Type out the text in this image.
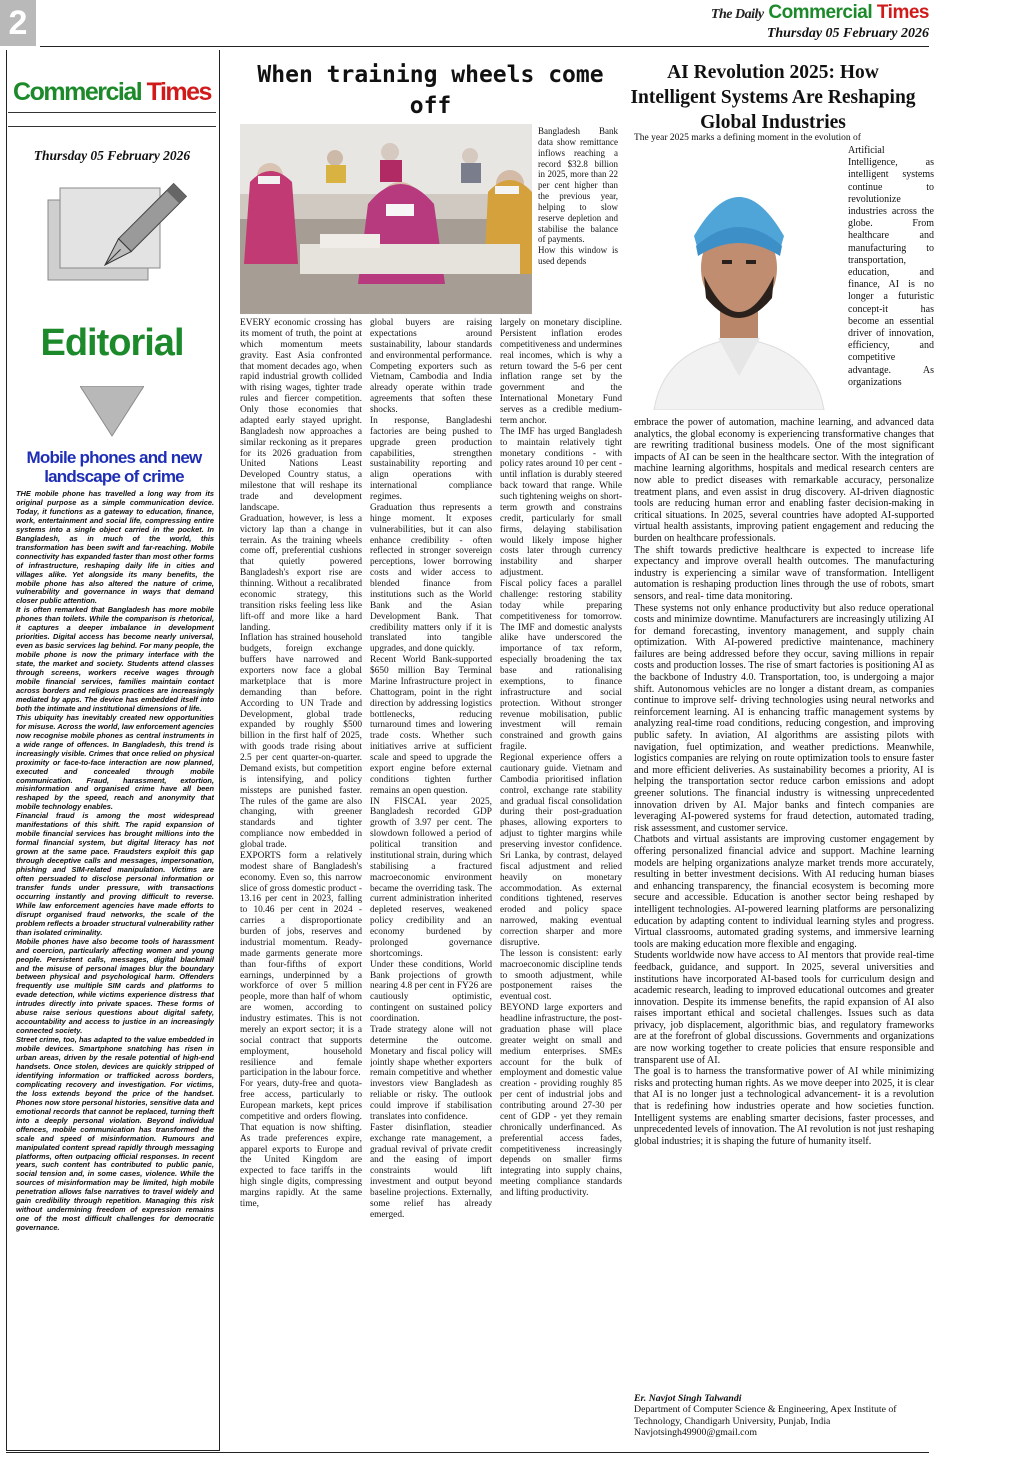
2	The Daily Commercial Times
Thursday 05 February 2026
Commercial Times
Thursday 05 February 2026
Editorial
Mobile phones and new landscape of crime

THE mobile phone has travelled a long way from its original purpose as a simple communication device. Today, it functions as a gateway to education, finance, work, entertainment and social life, compressing entire systems into a single object carried in the pocket. In Bangladesh, as in much of the world, this transformation has been swift and far-reaching. Mobile connectivity has expanded faster than most other forms of infrastructure, reshaping daily life in cities and villages alike. Yet alongside its many benefits, the mobile phone has also altered the nature of crime, vulnerability and governance in ways that demand closer public attention.

It is often remarked that Bangladesh has more mobile phones than toilets. While the comparison is rhetorical, it captures a deeper imbalance in development priorities. Digital access has become nearly universal, even as basic services lag behind. For many people, the mobile phone is now the primary interface with the state, the market and society. Students attend classes through screens, workers receive wages through mobile financial services, families maintain contact across borders and religious practices are increasingly mediated by apps. The device has embedded itself into both the intimate and institutional dimensions of life.

This ubiquity has inevitably created new opportunities for misuse. Across the world, law enforcement agencies now recognise mobile phones as central instruments in a wide range of offences. In Bangladesh, this trend is increasingly visible. Crimes that once relied on physical proximity or face-to-face interaction are now planned, executed and concealed through mobile communication. Fraud, harassment, extortion, misinformation and organised crime have all been reshaped by the speed, reach and anonymity that mobile technology enables.

Financial fraud is among the most widespread manifestations of this shift. The rapid expansion of mobile financial services has brought millions into the formal financial system, but digital literacy has not grown at the same pace. Fraudsters exploit this gap through deceptive calls and messages, impersonation, phishing and SIM-related manipulation. Victims are often persuaded to disclose personal information or transfer funds under pressure, with transactions occurring instantly and proving difficult to reverse. While law enforcement agencies have made efforts to disrupt organised fraud networks, the scale of the problem reflects a broader structural vulnerability rather than isolated criminality.

Mobile phones have also become tools of harassment and coercion, particularly affecting women and young people. Persistent calls, messages, digital blackmail and the misuse of personal images blur the boundary between physical and psychological harm. Offenders frequently use multiple SIM cards and platforms to evade detection, while victims experience distress that intrudes directly into private spaces. These forms of abuse raise serious questions about digital safety, accountability and access to justice in an increasingly connected society.

Street crime, too, has adapted to the value embedded in mobile devices. Smartphone snatching has risen in urban areas, driven by the resale potential of high-end handsets. Once stolen, devices are quickly stripped of identifying information or trafficked across borders, complicating recovery and investigation. For victims, the loss extends beyond the price of the handset. Phones now store personal histories, sensitive data and emotional records that cannot be replaced, turning theft into a deeply personal violation. Beyond individual offences, mobile communication has transformed the scale and speed of misinformation. Rumours and manipulated content spread rapidly through messaging platforms, often outpacing official responses. In recent years, such content has contributed to public panic, social tension and, in some cases, violence. While the sources of misinformation may be limited, high mobile penetration allows false narratives to travel widely and gain credibility through repetition. Managing this risk without undermining freedom of expression remains one of the most difficult challenges for democratic governance.

When training wheels come off

Bangladesh Bank data show remittance inflows reaching a record $32.8 billion in 2025, more than 22 per cent higher than the previous year, helping to slow reserve depletion and stabilise the balance of payments.

How this window is used depends

EVERY economic crossing has its moment of truth, the point at which momentum meets gravity. East Asia confronted that moment decades ago, when rapid industrial growth collided with rising wages, tighter trade rules and fiercer competition. Only those economies that adapted early stayed upright. Bangladesh now approaches a similar reckoning as it prepares for its 2026 graduation from United Nations Least Developed Country status, a milestone that will reshape its trade and development landscape.

Graduation, however, is less a victory lap than a change in terrain. As the training wheels come off, preferential cushions that quietly powered Bangladesh's export rise are thinning. Without a recalibrated economic strategy, this transition risks feeling less like lift-off and more like a hard landing.

Inflation has strained household budgets, foreign exchange buffers have narrowed and exporters now face a global marketplace that is more demanding than before. According to UN Trade and Development, global trade expanded by roughly $500 billion in the first half of 2025, with goods trade rising about 2.5 per cent quarter-on-quarter. Demand exists, but competition is intensifying, and policy missteps are punished faster. The rules of the game are also changing, with greener standards and tighter compliance now embedded in global trade.

EXPORTS form a relatively modest share of Bangladesh's economy. Even so, this narrow slice of gross domestic product - 13.16 per cent in 2023, falling to 10.46 per cent in 2024 - carries a disproportionate burden of jobs, reserves and industrial momentum. Ready-made garments generate more than four-fifths of export earnings, underpinned by a workforce of over 5 million people, more than half of whom are women, according to industry estimates. This is not merely an export sector; it is a social contract that supports employment, household resilience and female participation in the labour force.

For years, duty-free and quota-free access, particularly to European markets, kept prices competitive and orders flowing. That equation is now shifting. As trade preferences expire, apparel exports to Europe and the United Kingdom are expected to face tariffs in the high single digits, compressing margins rapidly. At the same time,

global buyers are raising expectations around sustainability, labour standards and environmental performance. Competing exporters such as Vietnam, Cambodia and India already operate within trade agreements that soften these shocks.

In response, Bangladeshi factories are being pushed to upgrade green production capabilities, strengthen sustainability reporting and align operations with international compliance regimes.

Graduation thus represents a hinge moment. It exposes vulnerabilities, but it can also enhance credibility - often reflected in stronger sovereign perceptions, lower borrowing costs and wider access to blended finance from institutions such as the World Bank and the Asian Development Bank. That credibility matters only if it is translated into tangible upgrades, and done quickly.

Recent World Bank-supported $650 million Bay Terminal Marine Infrastructure project in Chattogram, point in the right direction by addressing logistics bottlenecks, reducing turnaround times and lowering trade costs. Whether such initiatives arrive at sufficient scale and speed to upgrade the export engine before external conditions tighten further remains an open question.

IN FISCAL year 2025, Bangladesh recorded GDP growth of 3.97 per cent. The slowdown followed a period of political transition and institutional strain, during which stabilising a fractured macroeconomic environment became the overriding task. The current administration inherited depleted reserves, weakened policy credibility and an economy burdened by prolonged governance shortcomings.

Under these conditions, World Bank projections of growth nearing 4.8 per cent in FY26 are cautiously optimistic, contingent on sustained policy coordination.

Trade strategy alone will not determine the outcome. Monetary and fiscal policy will jointly shape whether exporters remain competitive and whether investors view Bangladesh as reliable or risky. The outlook could improve if stabilisation translates into confidence.

Faster disinflation, steadier exchange rate management, a gradual revival of private credit and the easing of import constraints would lift investment and output beyond baseline projections. Externally, some relief has already emerged.

largely on monetary discipline. Persistent inflation erodes competitiveness and undermines real incomes, which is why a return toward the 5-6 per cent inflation range set by the government and the International Monetary Fund serves as a credible medium-term anchor.

The IMF has urged Bangladesh to maintain relatively tight monetary conditions - with policy rates around 10 per cent - until inflation is durably steered back toward that range. While such tightening weighs on short-term growth and constrains credit, particularly for small firms, delaying stabilisation would likely impose higher costs later through currency instability and sharper adjustment.

Fiscal policy faces a parallel challenge: restoring stability today while preparing competitiveness for tomorrow. The IMF and domestic analysts alike have underscored the importance of tax reform, especially broadening the tax base and rationalising exemptions, to finance infrastructure and social protection. Without stronger revenue mobilisation, public investment will remain constrained and growth gains fragile.

Regional experience offers a cautionary guide. Vietnam and Cambodia prioritised inflation control, exchange rate stability and gradual fiscal consolidation during their post-graduation phases, allowing exporters to adjust to tighter margins while preserving investor confidence. Sri Lanka, by contrast, delayed fiscal adjustment and relied heavily on monetary accommodation. As external conditions tightened, reserves eroded and policy space narrowed, making eventual correction sharper and more disruptive.

The lesson is consistent: early macroeconomic discipline tends to smooth adjustment, while postponement raises the eventual cost.

BEYOND large exporters and headline infrastructure, the post-graduation phase will place greater weight on small and medium enterprises. SMEs account for the bulk of employment and domestic value creation - providing roughly 85 per cent of industrial jobs and contributing around 27-30 per cent of GDP - yet they remain chronically underfinanced. As preferential access fades, competitiveness increasingly depends on smaller firms integrating into supply chains, meeting compliance standards and lifting productivity.

AI Revolution 2025: How Intelligent Systems Are Reshaping Global Industries
The year 2025 marks a defining moment in the evolution of

Artificial Intelligence, as intelligent systems continue to revolutionize industries across the globe. From healthcare and manufacturing to transportation, education, and finance, AI is no longer a futuristic concept-it has become an essential driver of innovation, efficiency, and competitive advantage. As organizations

embrace the power of automation, machine learning, and advanced data analytics, the global economy is experiencing transformative changes that are rewriting traditional business models. One of the most significant impacts of AI can be seen in the healthcare sector. With the integration of machine learning algorithms, hospitals and medical research centers are now able to predict diseases with remarkable accuracy, personalize treatment plans, and even assist in drug discovery. AI-driven diagnostic tools are reducing human error and enabling faster decision-making in critical situations. In 2025, several countries have adopted AI-supported virtual health assistants, improving patient engagement and reducing the burden on healthcare professionals.

The shift towards predictive healthcare is expected to increase life expectancy and improve overall health outcomes. The manufacturing industry is experiencing a similar wave of transformation. Intelligent automation is reshaping production lines through the use of robots, smart sensors, and real- time data monitoring.

These systems not only enhance productivity but also reduce operational costs and minimize downtime. Manufacturers are increasingly utilizing AI for demand forecasting, inventory management, and supply chain optimization. With AI-powered predictive maintenance, machinery failures are being addressed before they occur, saving millions in repair costs and production losses. The rise of smart factories is positioning AI as the backbone of Industry 4.0. Transportation, too, is undergoing a major shift. Autonomous vehicles are no longer a distant dream, as companies continue to improve self- driving technologies using neural networks and reinforcement learning. AI is enhancing traffic management systems by analyzing real-time road conditions, reducing congestion, and improving public safety. In aviation, AI algorithms are assisting pilots with navigation, fuel optimization, and weather predictions. Meanwhile, logistics companies are relying on route optimization tools to ensure faster and more efficient deliveries. As sustainability becomes a priority, AI is helping the transportation sector reduce carbon emissions and adopt greener solutions. The financial industry is witnessing unprecedented innovation driven by AI. Major banks and fintech companies are leveraging AI-powered systems for fraud detection, automated trading, risk assessment, and customer service.

Chatbots and virtual assistants are improving customer engagement by offering personalized financial advice and support. Machine learning models are helping organizations analyze market trends more accurately, resulting in better investment decisions. With AI reducing human biases and enhancing transparency, the financial ecosystem is becoming more secure and accessible. Education is another sector being reshaped by intelligent technologies. AI-powered learning platforms are personalizing education by adapting content to individual learning styles and progress. Virtual classrooms, automated grading systems, and immersive learning tools are making education more flexible and engaging.

Students worldwide now have access to AI mentors that provide real-time feedback, guidance, and support. In 2025, several universities and institutions have incorporated AI-based tools for curriculum design and academic research, leading to improved educational outcomes and greater innovation. Despite its immense benefits, the rapid expansion of AI also raises important ethical and societal challenges. Issues such as data privacy, job displacement, algorithmic bias, and regulatory frameworks are at the forefront of global discussions. Governments and organizations are now working together to create policies that ensure responsible and transparent use of AI.

The goal is to harness the transformative power of AI while minimizing risks and protecting human rights. As we move deeper into 2025, it is clear that AI is no longer just a technological advancement- it is a revolution that is redefining how industries operate and how societies function. Intelligent systems are enabling smarter decisions, faster processes, and unprecedented levels of innovation. The AI revolution is not just reshaping global industries; it is shaping the future of humanity itself.

Er. Navjot Singh Talwandi
Department of Computer Science & Engineering, Apex Institute of Technology, Chandigarh University, Punjab, India
Navjotsingh49900@gmail.com
